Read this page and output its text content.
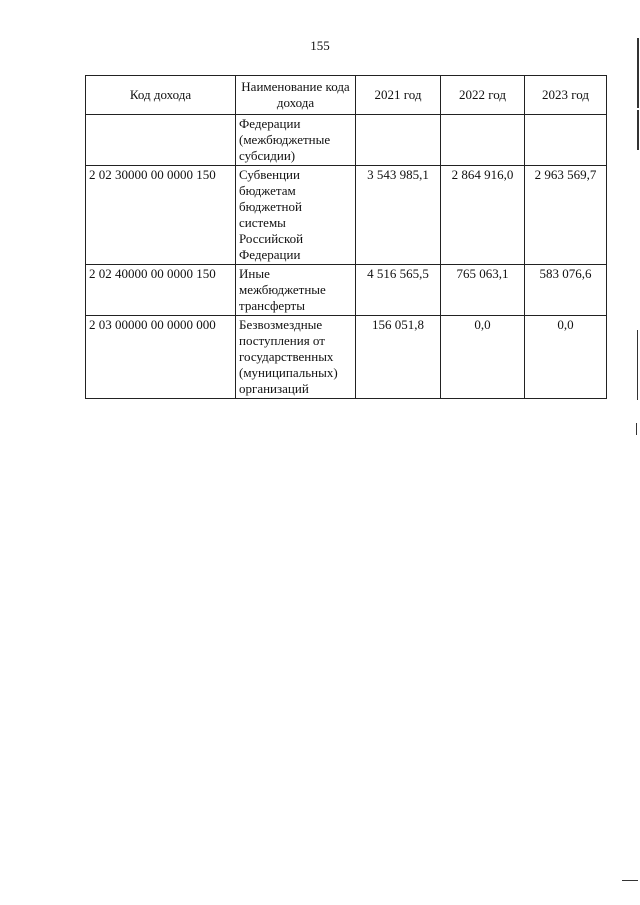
155
Код дохода	Наименование кода дохода	2021 год	2022 год	2023 год
	Федерации (межбюджетные субсидии)			
2 02 30000 00 0000 150	Субвенции бюджетам бюджетной системы Российской Федерации	3 543 985,1	2 864 916,0	2 963 569,7
2 02 40000 00 0000 150	Иные межбюджетные трансферты	4 516 565,5	765 063,1	583 076,6
2 03 00000 00 0000 000	Безвозмездные поступления от государственных (муниципальных) организаций	156 051,8	0,0	0,0
